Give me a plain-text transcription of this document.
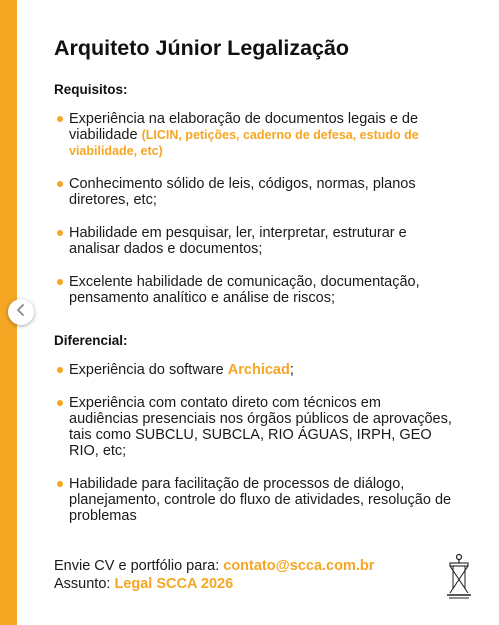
Arquiteto Júnior Legalização
Requisitos:
Experiência na elaboração de documentos legais e de viabilidade (LICIN, petições, caderno de defesa, estudo de viabilidade, etc)
Conhecimento sólido de leis, códigos, normas, planos diretores, etc;
Habilidade em pesquisar, ler, interpretar, estruturar e analisar dados e documentos;
Excelente habilidade de comunicação, documentação, pensamento analítico e análise de riscos;
Diferencial:
Experiência do software Archicad;
Experiência com contato direto com técnicos em audiências presenciais nos órgãos públicos de aprovações, tais como SUBCLU, SUBCLA, RIO ÁGUAS, IRPH, GEO RIO, etc;
Habilidade para facilitação de processos de diálogo, planejamento, controle do fluxo de atividades, resolução de problemas
Envie CV e portfólio para: contato@scca.com.br
Assunto: Legal SCCA 2026
